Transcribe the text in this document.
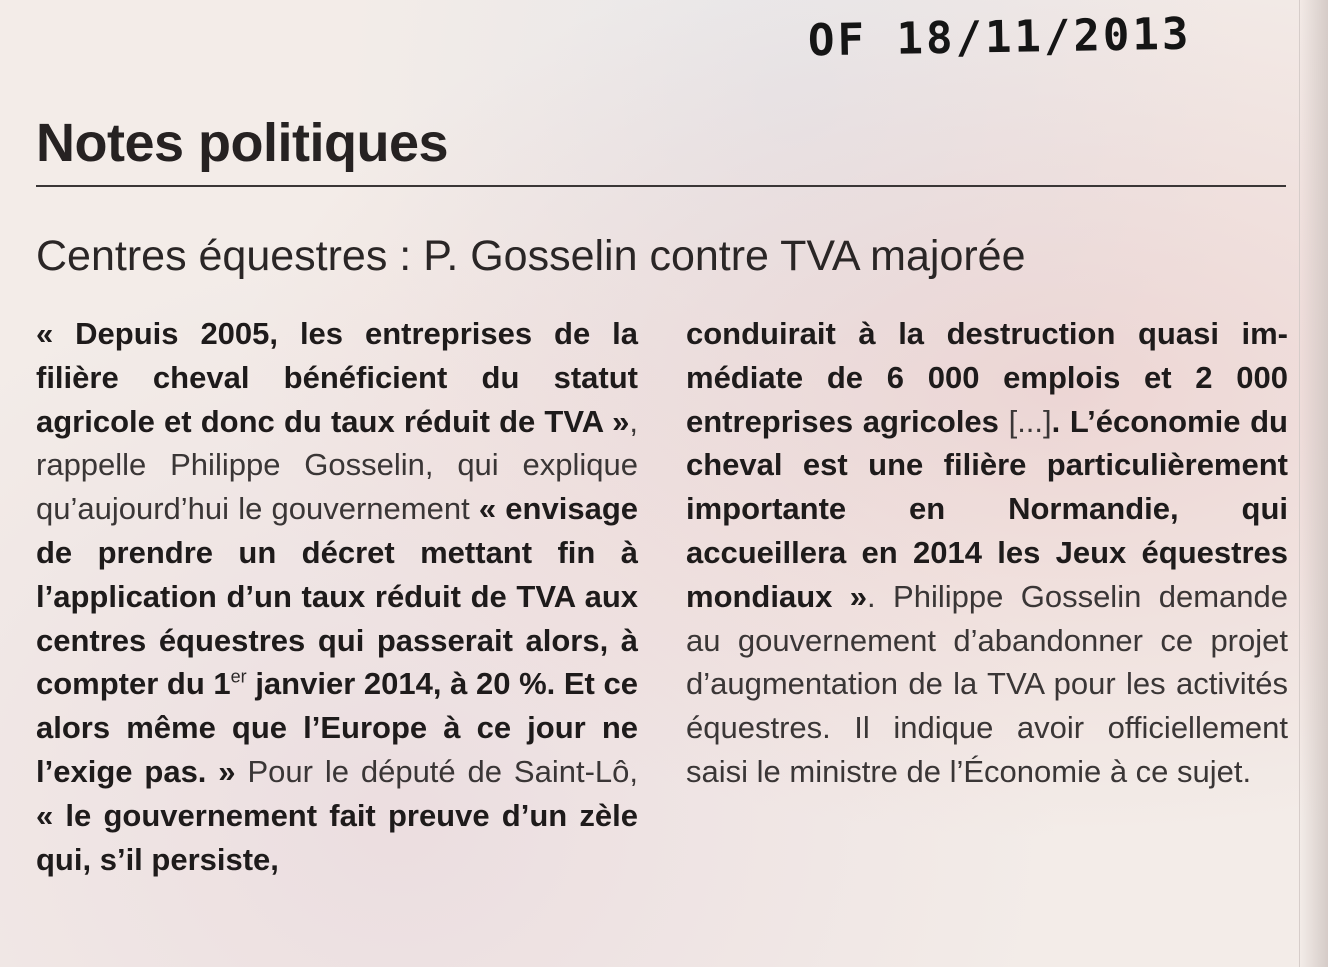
OF 18/11/2013
Notes politiques
Centres équestres : P. Gosselin contre TVA majorée

« Depuis 2005, les entreprises de la filière cheval bénéficient du statut agricole et donc du taux réduit de TVA », rappelle Philippe Gosselin, qui explique qu’aujourd’hui le gouvernement « envisage de prendre un décret mettant fin à l’application d’un taux réduit de TVA aux centres équestres qui passerait alors, à compter du 1er janvier 2014, à 20 %. Et ce alors même que l’Europe à ce jour ne l’exige pas. » Pour le député de Saint-Lô, « le gouvernement fait preuve d’un zèle qui, s’il persiste,

conduirait à la destruction quasi immédiate de 6 000 emplois et 2 000 entreprises agricoles [...]. L’économie du cheval est une filière particulièrement importante en Normandie, qui accueillera en 2014 les Jeux équestres mondiaux ». Philippe Gosselin demande au gouvernement d’abandonner ce projet d’augmentation de la TVA pour les activités équestres. Il indique avoir officiellement saisi le ministre de l’Économie à ce sujet.
